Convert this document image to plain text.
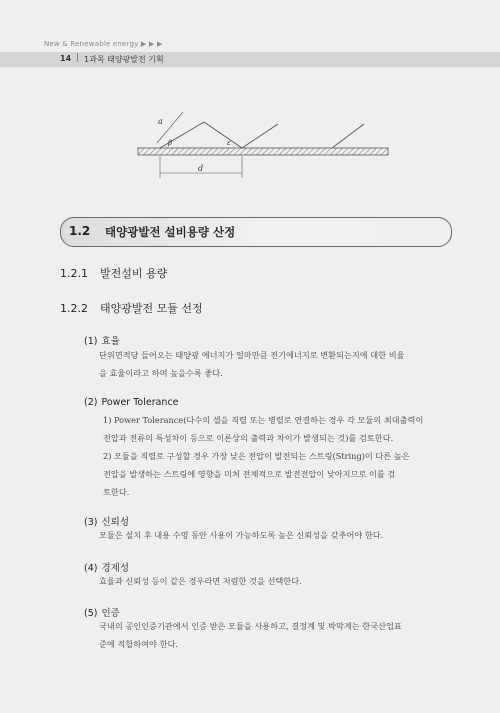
New & Renewable energy ▶ ▶ ▶
14 | 1과목 태양광발전 기획
a
β	ε
d
1.2 태양광발전 설비용량 산정
1.2.1 발전설비 용량
1.2.2 태양광발전 모듈 선정
(1) 효율
단위면적당 들어오는 태양광 에너지가 얼마만큼 전기에너지로 변환되는지에 대한 비율
을 효율이라고 하며 높을수록 좋다.
(2) Power Tolerance
1) Power Tolerance(다수의 셀을 직렬 또는 병렬로 연결하는 경우 각 모듈의 최대출력이
전압과 전류의 특성차이 등으로 이론상의 출력과 차이가 발생되는 것)를 검토한다.
2) 모듈을 직렬로 구성할 경우 가장 낮은 전압이 발전되는 스트링(String)이 다른 높은
전압을 발생하는 스트링에 영향을 미쳐 전체적으로 발전전압이 낮아지므로 이를 검
토한다.
(3) 신뢰성
모듈은 설치 후 내용 수명 동안 사용이 가능하도록 높은 신뢰성을 갖추어야 한다.
(4) 경제성
효율과 신뢰성 등이 같은 경우라면 저렴한 것을 선택한다.
(5) 인증
국내의 공인인증기관에서 인증 받은 모듈을 사용하고, 결정계 및 박막계는 한국산업표
준에 적합하여야 한다.
